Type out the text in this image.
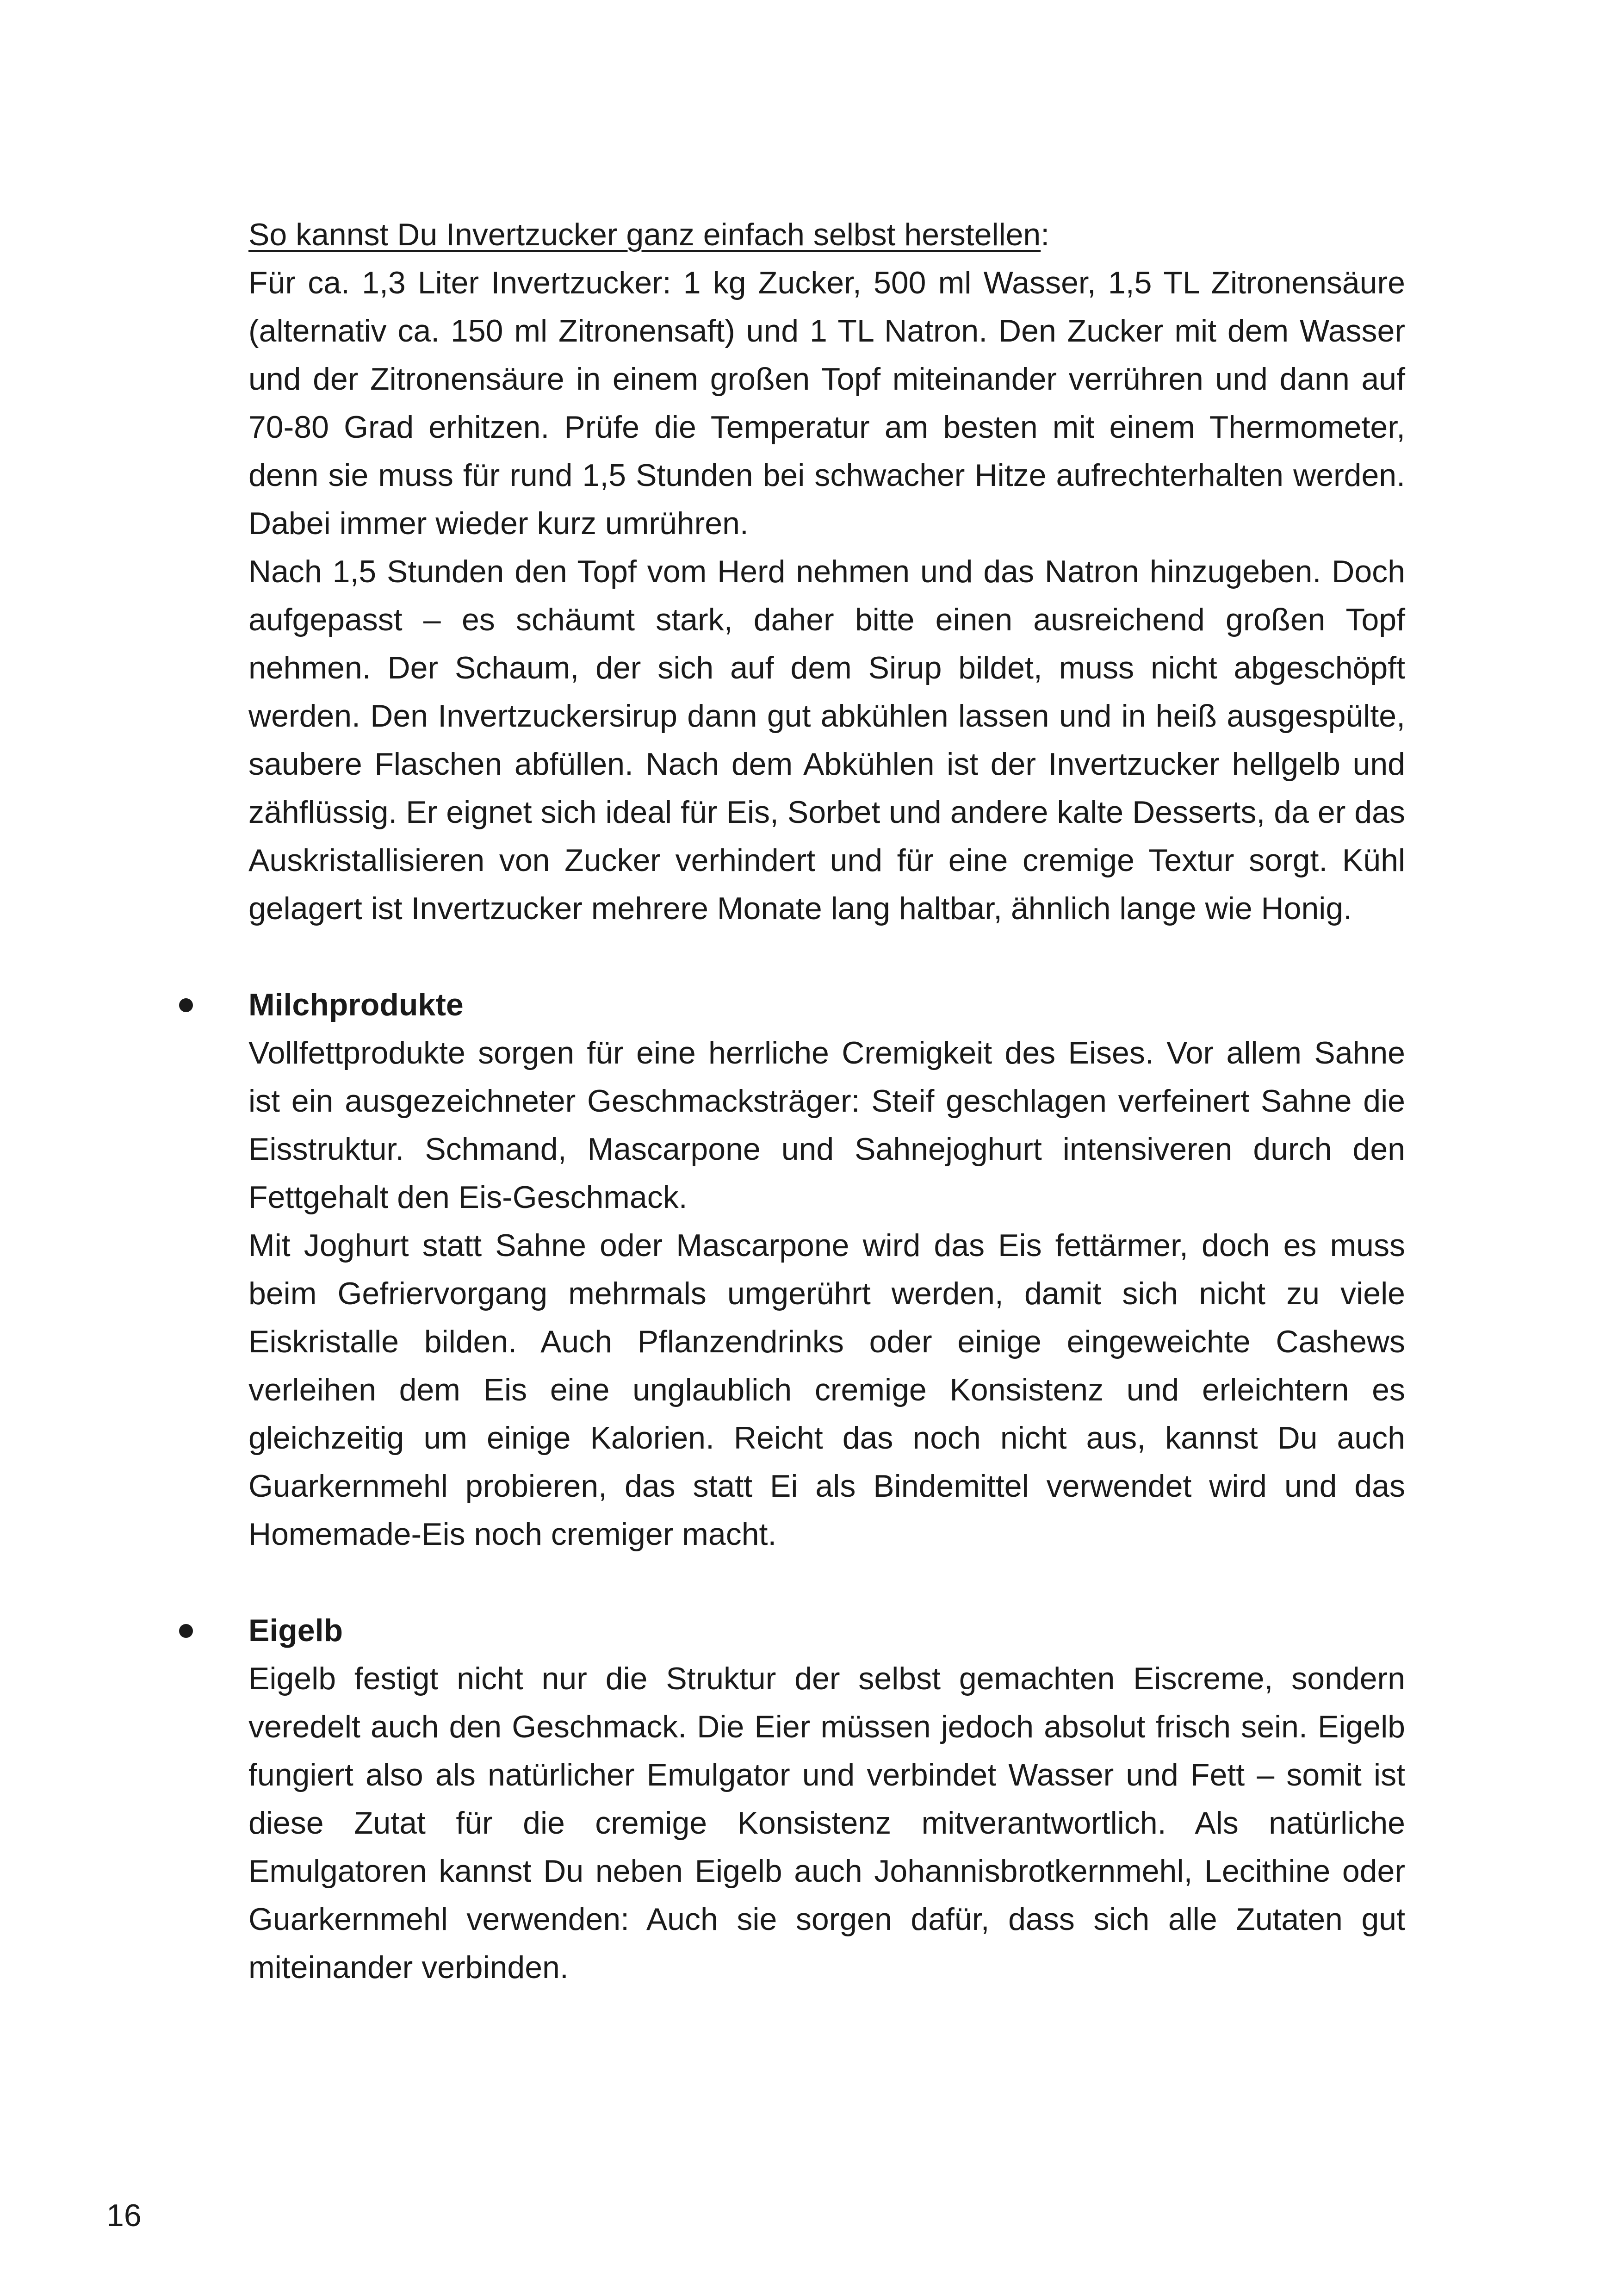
So kannst Du Invertzucker ganz einfach selbst herstellen:

Für ca. 1,3 Liter Invertzucker: 1 kg Zucker, 500 ml Wasser, 1,5 TL Zitronensäure (alternativ ca. 150 ml Zitronensaft) und 1 TL Natron. Den Zucker mit dem Wasser und der Zitronensäure in einem großen Topf miteinander verrühren und dann auf 70-80 Grad erhitzen. Prüfe die Temperatur am besten mit einem Thermometer, denn sie muss für rund 1,5 Stunden bei schwacher Hitze aufrechterhalten werden. Dabei immer wieder kurz umrühren.

Nach 1,5 Stunden den Topf vom Herd nehmen und das Natron hinzugeben. Doch aufgepasst – es schäumt stark, daher bitte einen ausreichend großen Topf nehmen. Der Schaum, der sich auf dem Sirup bildet, muss nicht abgeschöpft werden. Den Invertzuckersirup dann gut abkühlen lassen und in heiß ausgespülte, saubere Flaschen abfüllen. Nach dem Abkühlen ist der Invertzucker hellgelb und zähflüssig. Er eignet sich ideal für Eis, Sorbet und andere kalte Desserts, da er das Auskristallisieren von Zucker verhindert und für eine cremige Textur sorgt. Kühl gelagert ist Invertzucker mehrere Monate lang haltbar, ähnlich lange wie Honig.

Milchprodukte

Vollfettprodukte sorgen für eine herrliche Cremigkeit des Eises. Vor allem Sahne ist ein ausgezeichneter Geschmacksträger: Steif geschlagen verfeinert Sahne die Eisstruktur. Schmand, Mascarpone und Sahnejoghurt intensiveren durch den Fettgehalt den Eis-Geschmack.

Mit Joghurt statt Sahne oder Mascarpone wird das Eis fettärmer, doch es muss beim Gefriervorgang mehrmals umgerührt werden, damit sich nicht zu viele Eiskristalle bilden. Auch Pflanzendrinks oder einige eingeweichte Cashews verleihen dem Eis eine unglaublich cremige Konsistenz und erleichtern es gleichzeitig um einige Kalorien. Reicht das noch nicht aus, kannst Du auch Guarkernmehl probieren, das statt Ei als Bindemittel verwendet wird und das Homemade-Eis noch cremiger macht.

Eigelb

Eigelb festigt nicht nur die Struktur der selbst gemachten Eiscreme, sondern veredelt auch den Geschmack. Die Eier müssen jedoch absolut frisch sein. Eigelb fungiert also als natürlicher Emulgator und verbindet Wasser und Fett – somit ist diese Zutat für die cremige Konsistenz mitverantwortlich. Als natürliche Emulgatoren kannst Du neben Eigelb auch Johannisbrotkernmehl, Lecithine oder Guarkernmehl verwenden: Auch sie sorgen dafür, dass sich alle Zutaten gut miteinander verbinden.

16
